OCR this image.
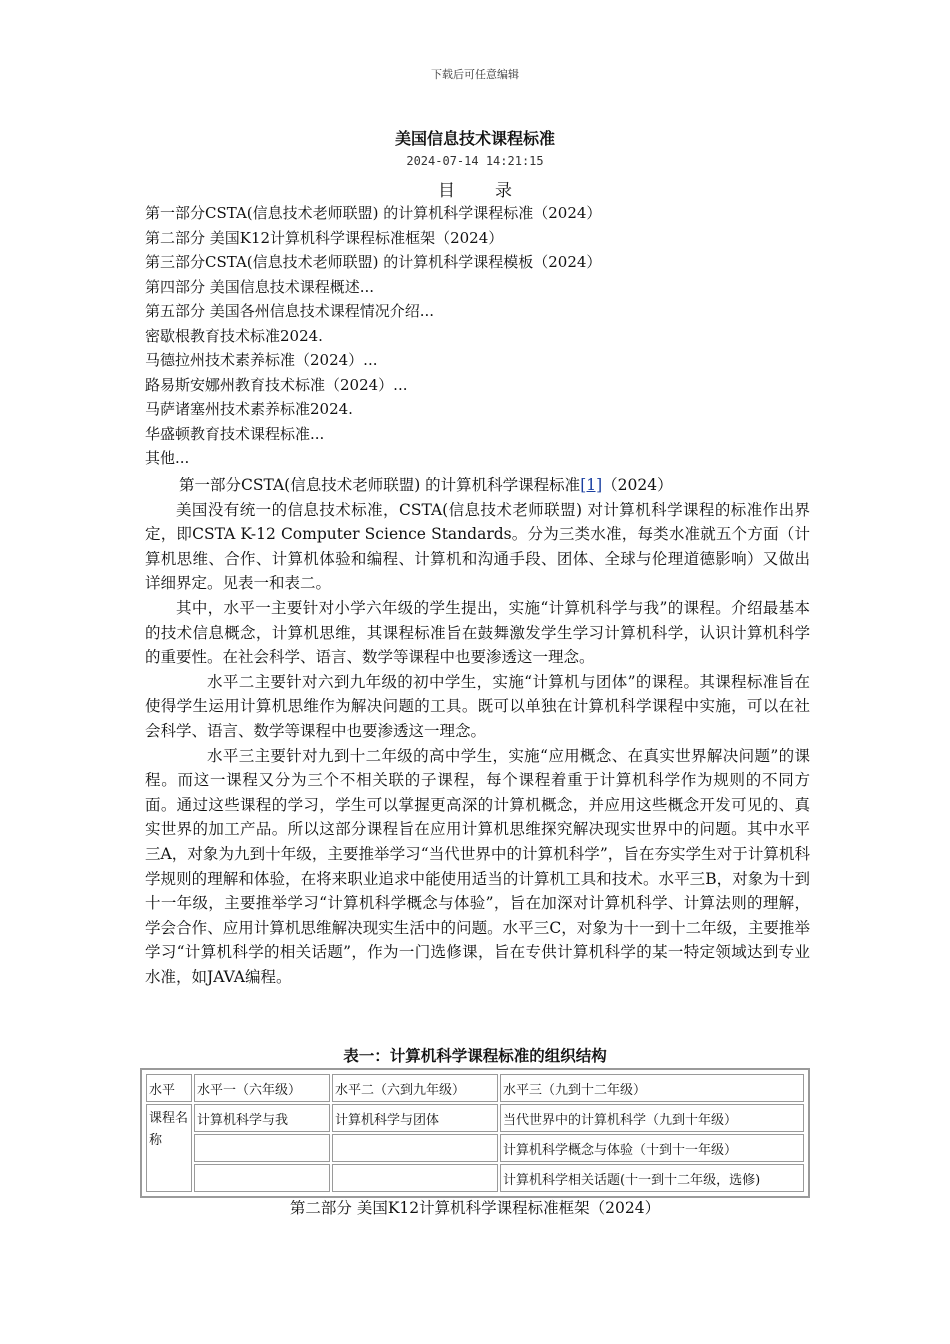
下载后可任意编辑
美国信息技术课程标准
2024-07-14 14:21:15
目录
第一部分CSTA(信息技术老师联盟) 的计算机科学课程标准（2024）
第二部分 美国K12计算机科学课程标准框架（2024）
第三部分CSTA(信息技术老师联盟) 的计算机科学课程模板（2024）
第四部分 美国信息技术课程概述...
第五部分 美国各州信息技术课程情况介绍...
密歇根教育技术标准2024.
马德拉州技术素养标准（2024）...
路易斯安娜州教育技术标准（2024）...
马萨诸塞州技术素养标准2024.
华盛顿教育技术课程标准...
其他...

第一部分CSTA(信息技术老师联盟) 的计算机科学课程标准[1]（2024）

美国没有统一的信息技术标准，CSTA(信息技术老师联盟) 对计算机科学课程的标准作出界定，即CSTA K-12 Computer Science Standards。分为三类水准，每类水准就五个方面（计算机思维、合作、计算机体验和编程、计算机和沟通手段、团体、全球与伦理道德影响）又做出详细界定。见表一和表二。

其中，水平一主要针对小学六年级的学生提出，实施“计算机科学与我”的课程。介绍最基本的技术信息概念，计算机思维，其课程标准旨在鼓舞激发学生学习计算机科学，认识计算机科学的重要性。在社会科学、语言、数学等课程中也要渗透这一理念。

水平二主要针对六到九年级的初中学生，实施“计算机与团体”的课程。其课程标准旨在使得学生运用计算机思维作为解决问题的工具。既可以单独在计算机科学课程中实施，可以在社会科学、语言、数学等课程中也要渗透这一理念。

水平三主要针对九到十二年级的高中学生，实施“应用概念、在真实世界解决问题”的课程。而这一课程又分为三个不相关联的子课程，每个课程着重于计算机科学作为规则的不同方面。通过这些课程的学习，学生可以掌握更高深的计算机概念，并应用这些概念开发可见的、真实世界的加工产品。所以这部分课程旨在应用计算机思维探究解决现实世界中的问题。其中水平三A，对象为九到十年级，主要推举学习“当代世界中的计算机科学”，旨在夯实学生对于计算机科学规则的理解和体验，在将来职业追求中能使用适当的计算机工具和技术。水平三B，对象为十到十一年级，主要推举学习“计算机科学概念与体验”，旨在加深对计算机科学、计算法则的理解，学会合作、应用计算机思维解决现实生活中的问题。水平三C，对象为十一到十二年级，主要推举学习“计算机科学的相关话题”，作为一门选修课，旨在专供计算机科学的某一特定领域达到专业水准，如JAVA编程。

表一：计算机科学课程标准的组织结构
水平	水平一（六年级）	水平二（六到九年级）	水平三（九到十二年级）
课程名称	计算机科学与我	计算机科学与团体	当代世界中的计算机科学（九到十年级）
			计算机科学概念与体验（十到十一年级）
			计算机科学相关话题(十一到十二年级，选修)
第二部分 美国K12计算机科学课程标准框架（2024）
